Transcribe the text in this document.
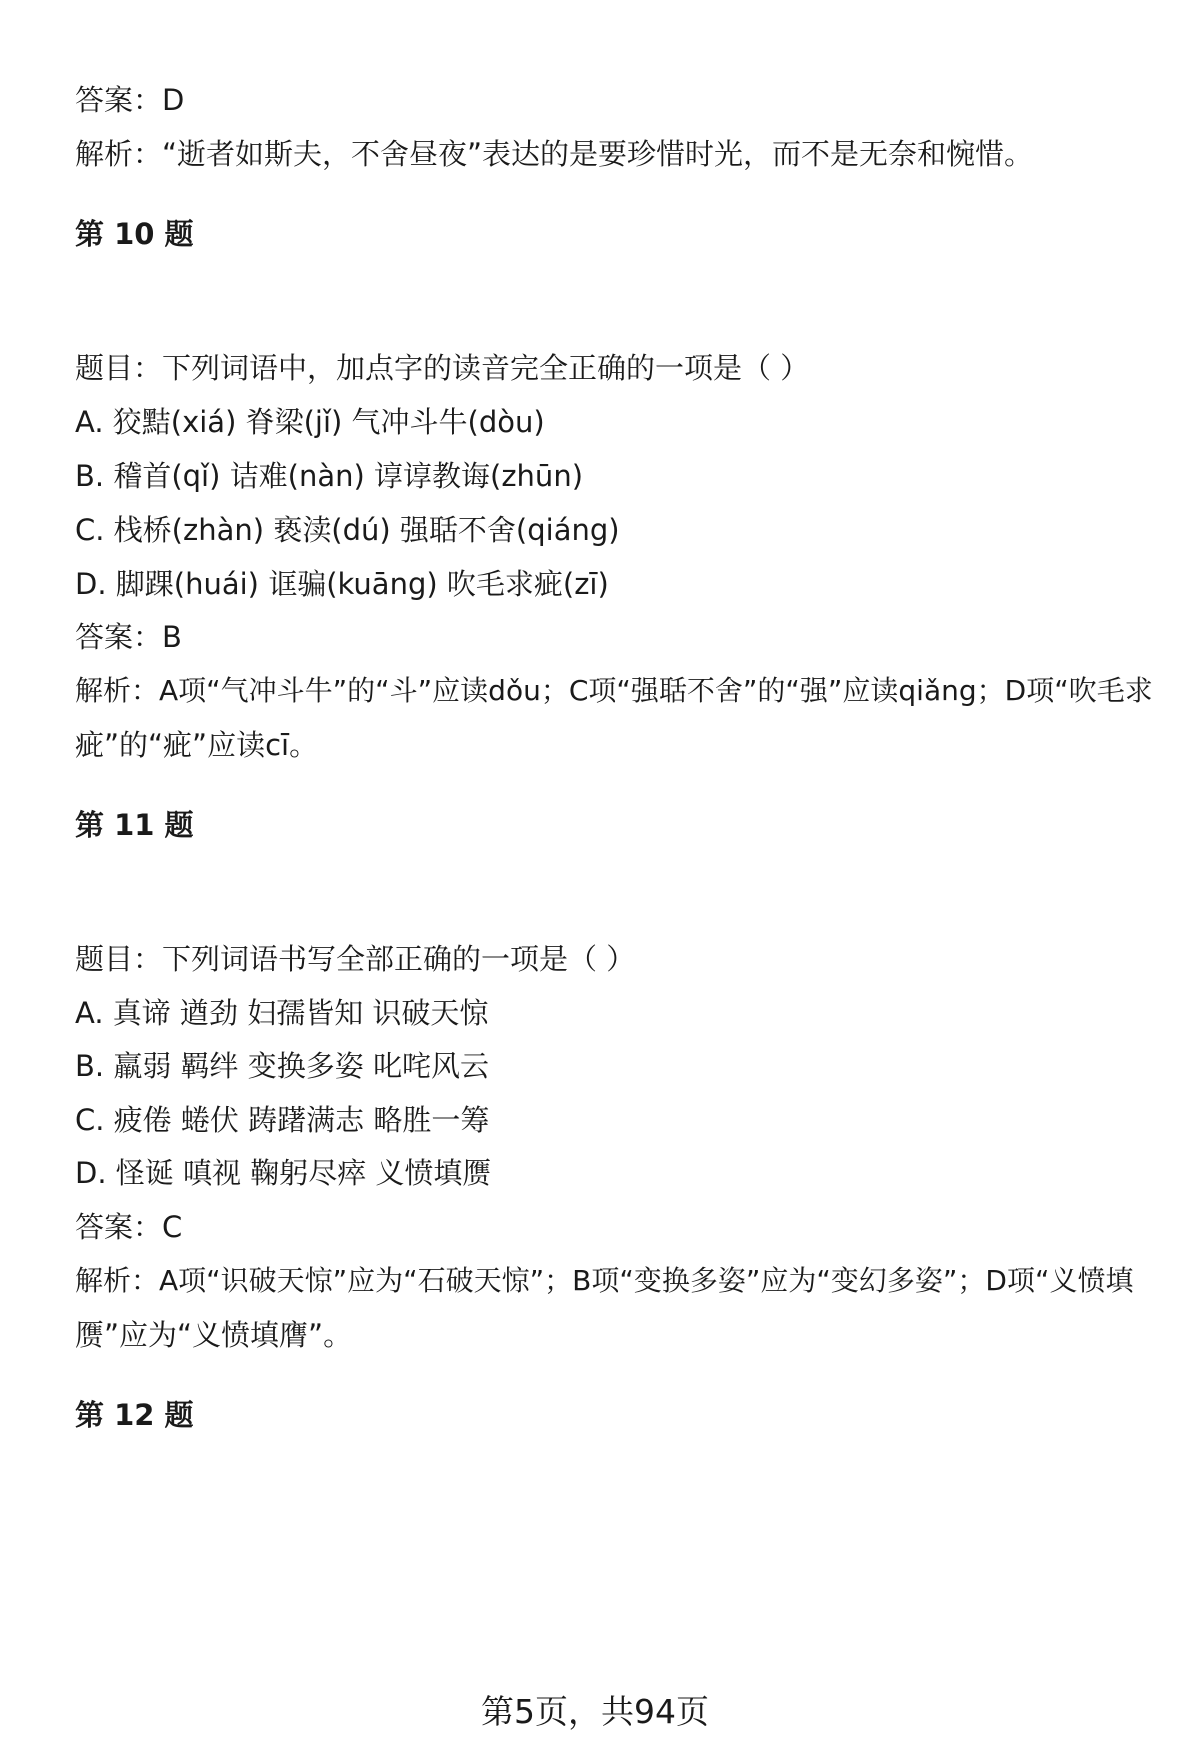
答案：D
解析：“逝者如斯夫，不舍昼夜”表达的是要珍惜时光，而不是无奈和惋惜。
第 10 题
题目：下列词语中，加点字的读音完全正确的一项是（ ）
A. 狡黠(xiá) 脊梁(jǐ) 气冲斗牛(dòu)
B. 稽首(qǐ) 诘难(nàn) 谆谆教诲(zhūn)
C. 栈桥(zhàn) 亵渎(dú) 强聒不舍(qiáng)
D. 脚踝(huái) 诓骗(kuāng) 吹毛求疵(zī)
答案：B
解析：A项“气冲斗牛”的“斗”应读dǒu；C项“强聒不舍”的“强”应读qiǎng；D项“吹毛求
疵”的“疵”应读cī。
第 11 题
题目：下列词语书写全部正确的一项是（ ）
A. 真谛 遒劲 妇孺皆知 识破天惊
B. 羸弱 羁绊 变换多姿 叱咤风云
C. 疲倦 蜷伏 踌躇满志 略胜一筹
D. 怪诞 嗔视 鞠躬尽瘁 义愤填赝
答案：C
解析：A项“识破天惊”应为“石破天惊”；B项“变换多姿”应为“变幻多姿”；D项“义愤填
赝”应为“义愤填膺”。
第 12 题
第5页，共94页
